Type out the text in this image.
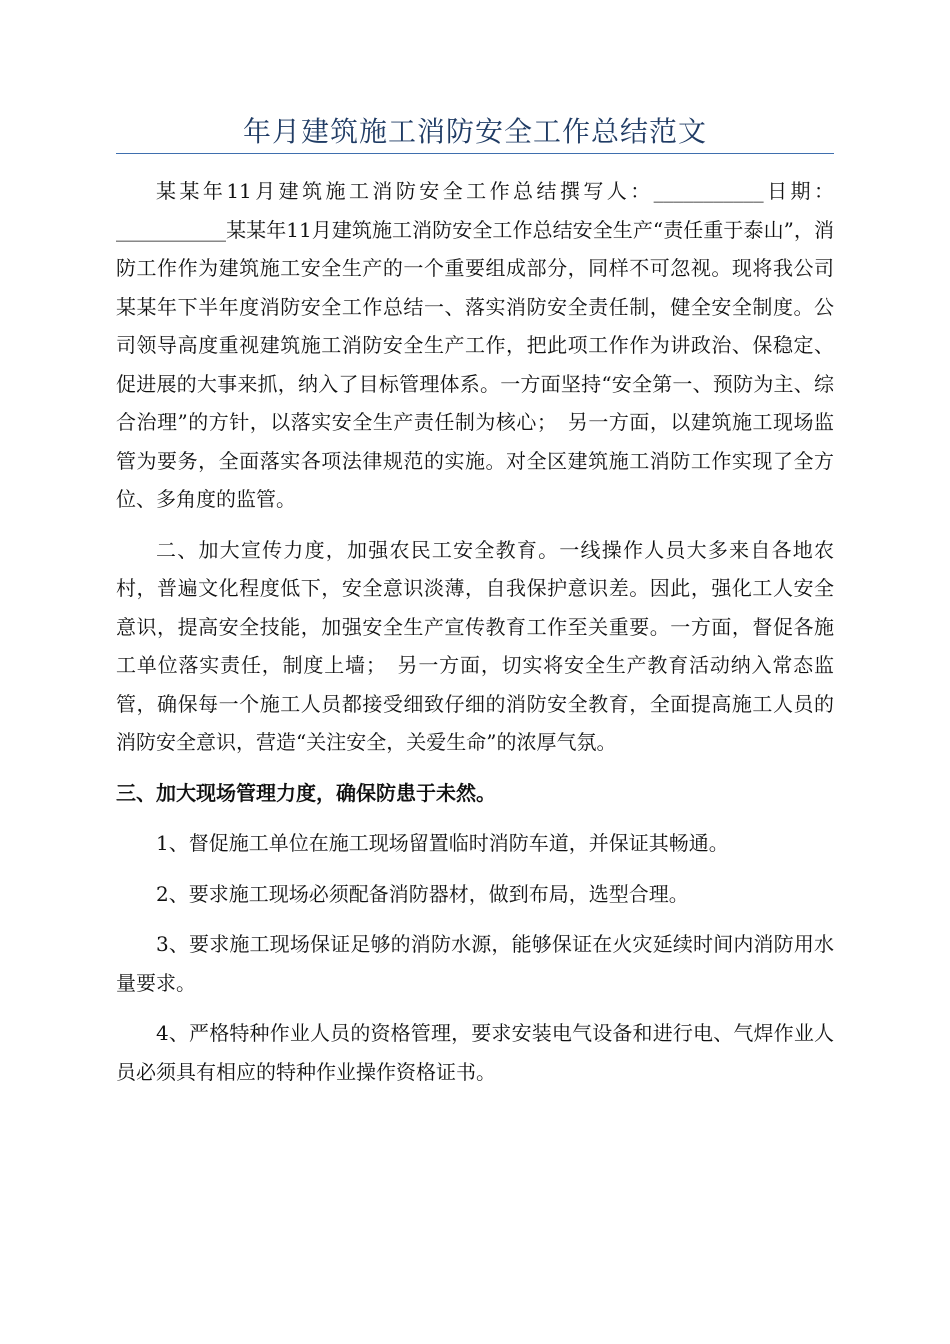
年月建筑施工消防安全工作总结范文

某某年11月建筑施工消防安全工作总结撰写人：___________日期：___________某某年11月建筑施工消防安全工作总结安全生产“责任重于泰山”，消防工作作为建筑施工安全生产的一个重要组成部分，同样不可忽视。现将我公司某某年下半年度消防安全工作总结一、落实消防安全责任制，健全安全制度。公司领导高度重视建筑施工消防安全生产工作，把此项工作作为讲政治、保稳定、促进展的大事来抓，纳入了目标管理体系。一方面坚持“安全第一、预防为主、综合治理”的方针，以落实安全生产责任制为核心；　另一方面，以建筑施工现场监管为要务，全面落实各项法律规范的实施。对全区建筑施工消防工作实现了全方位、多角度的监管。

二、加大宣传力度，加强农民工安全教育。一线操作人员大多来自各地农村，普遍文化程度低下，安全意识淡薄，自我保护意识差。因此，强化工人安全意识，提高安全技能，加强安全生产宣传教育工作至关重要。一方面，督促各施工单位落实责任，制度上墙；　另一方面，切实将安全生产教育活动纳入常态监管，确保每一个施工人员都接受细致仔细的消防安全教育，全面提高施工人员的消防安全意识，营造“关注安全，关爱生命”的浓厚气氛。

三、加大现场管理力度，确保防患于未然。

1、督促施工单位在施工现场留置临时消防车道，并保证其畅通。

2、要求施工现场必须配备消防器材，做到布局，选型合理。

3、要求施工现场保证足够的消防水源，能够保证在火灾延续时间内消防用水量要求。

4、严格特种作业人员的资格管理，要求安装电气设备和进行电、气焊作业人员必须具有相应的特种作业操作资格证书。
